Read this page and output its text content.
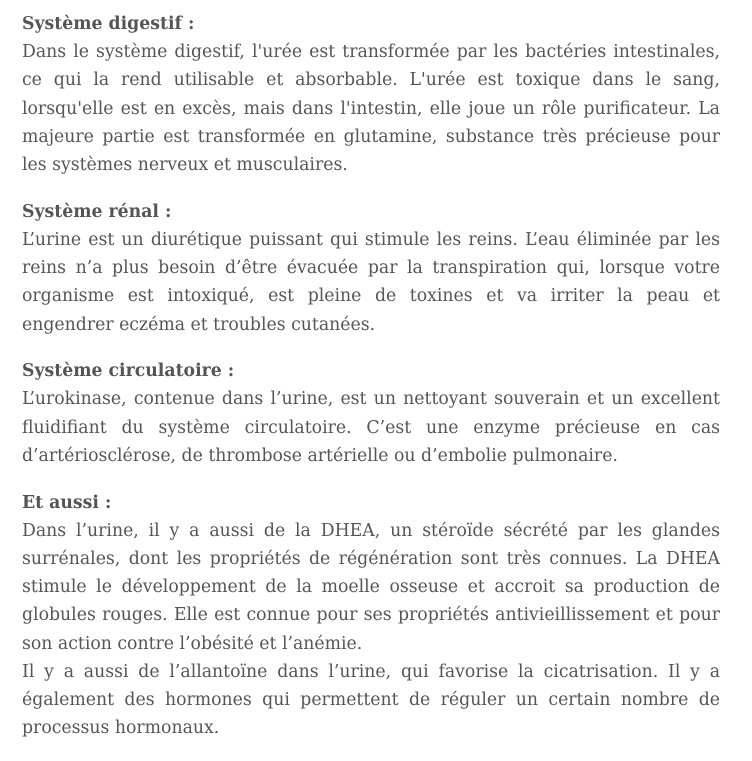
Système digestif :

Dans le système digestif, l'urée est transformée par les bactéries intestinales, ce qui la rend utilisable et absorbable. L'urée est toxique dans le sang, lorsqu'elle est en excès, mais dans l'intestin, elle joue un rôle purificateur. La majeure partie est transformée en glutamine, substance très précieuse pour les systèmes nerveux et musculaires.

Système rénal :

L’urine est un diurétique puissant qui stimule les reins. L’eau éliminée par les reins n’a plus besoin d’être évacuée par la transpiration qui, lorsque votre organisme est intoxiqué, est pleine de toxines et va irriter la peau et engendrer eczéma et troubles cutanées.

Système circulatoire :

L’urokinase, contenue dans l’urine, est un nettoyant souverain et un excellent fluidifiant du système circulatoire. C’est une enzyme précieuse en cas d’artériosclérose, de thrombose artérielle ou d’embolie pulmonaire.

Et aussi :

Dans l’urine, il y a aussi de la DHEA, un stéroïde sécrété par les glandes surrénales, dont les propriétés de régénération sont très connues. La DHEA stimule le développement de la moelle osseuse et accroit sa production de globules rouges. Elle est connue pour ses propriétés antivieillissement et pour son action contre l’obésité et l’anémie.

Il y a aussi de l’allantoïne dans l’urine, qui favorise la cicatrisation. Il y a également des hormones qui permettent de réguler un certain nombre de processus hormonaux.
